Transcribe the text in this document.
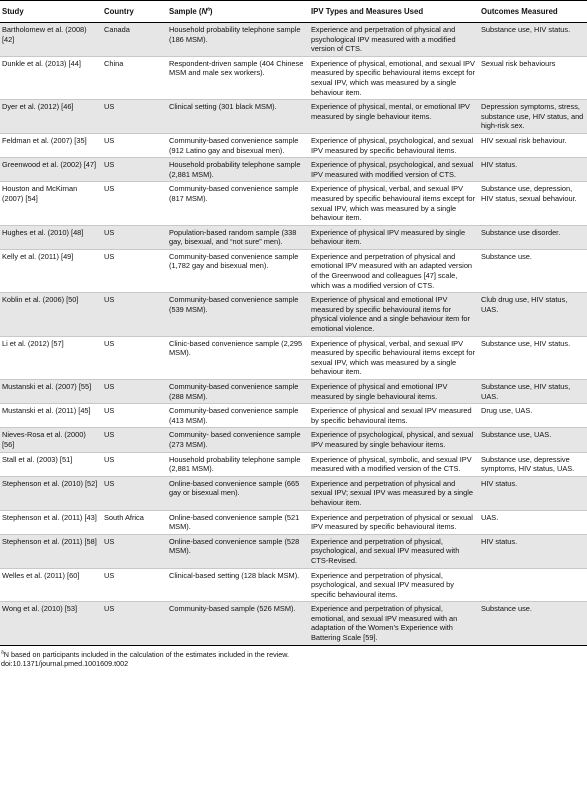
Study	Country	Sample $(N^a)$	IPV Types and Measures Used	Outcomes Measured
Bartholomew et al. (2008) [42]	Canada	Household probability telephone sample (186 MSM).	Experience and perpetration of physical and psychological IPV measured with a modified version of CTS.	Substance use, HIV status.
Dunkle et al. (2013) [44]	China	Respondent-driven sample (404 Chinese MSM and male sex workers).	Experience of physical, emotional, and sexual IPV measured by specific behavioural items except for sexual IPV, which was measured by a single behaviour item.	Sexual risk behaviours
Dyer et al. (2012) [46]	US	Clinical setting (301 black MSM).	Experience of physical, mental, or emotional IPV measured by single behaviour items.	Depression symptoms, stress, substance use, HIV status, and high-risk sex.
Feldman et al. (2007) [35]	US	Community-based convenience sample (912 Latino gay and bisexual men).	Experience of physical, psychological, and sexual IPV measured by specific behavioural items.	HIV sexual risk behaviour.
Greenwood et al. (2002) [47]	US	Household probability telephone sample (2,881 MSM).	Experience of physical, psychological, and sexual IPV measured with modified version of CTS.	HIV status.
Houston and McKirnan (2007) [54]	US	Community-based convenience sample (817 MSM).	Experience of physical, verbal, and sexual IPV measured by specific behavioural items except for sexual IPV, which was measured by a single behaviour item.	Substance use, depression, HIV status, sexual behaviour.
Hughes et al. (2010) [48]	US	Population-based random sample (338 gay, bisexual, and “not sure” men).	Experience of physical IPV measured by single behaviour item.	Substance use disorder.
Kelly et al. (2011) [49]	US	Community-based convenience sample (1,782 gay and bisexual men).	Experience and perpetration of physical and emotional IPV measured with an adapted version of the Greenwood and colleagues [47] scale, which was a modified version of CTS.	Substance use.
Koblin et al. (2006) [50]	US	Community-based convenience sample (539 MSM).	Experience of physical and emotional IPV measured by specific behavioural items for physical violence and a single behaviour item for emotional violence.	Club drug use, HIV status, UAS.
Li et al. (2012) [57]	US	Clinic-based convenience sample (2,295 MSM).	Experience of physical, verbal, and sexual IPV measured by specific behavioural items except for sexual IPV, which was measured by a single behaviour item.	Substance use, HIV status.
Mustanski et al. (2007) [55]	US	Community-based convenience sample (288 MSM).	Experience of physical and emotional IPV measured by single behavioural items.	Substance use, HIV status, UAS.
Mustanski et al. (2011) [45]	US	Community-based convenience sample (413 MSM).	Experience of physical and sexual IPV measured by specific behavioural items.	Drug use, UAS.
Nieves-Rosa et al. (2000) [56]	US	Community- based convenience sample (273 MSM).	Experience of psychological, physical, and sexual IPV measured by single behaviour items.	Substance use, UAS.
Stall et al. (2003) [51]	US	Household probability telephone sample (2,881 MSM).	Experience of physical, symbolic, and sexual IPV measured with a modified version of the CTS.	Substance use, depressive symptoms, HIV status, UAS.
Stephenson et al. (2010) [52]	US	Online-based convenience sample (665 gay or bisexual men).	Experience and perpetration of physical and sexual IPV; sexual IPV was measured by a single behaviour item.	HIV status.
Stephenson et al. (2011) [43]	South Africa	Online-based convenience sample (521 MSM).	Experience and perpetration of physical or sexual IPV measured by specific behavioural items.	UAS.
Stephenson et al. (2011) [58]	US	Online-based convenience sample (528 MSM).	Experience and perpetration of physical, psychological, and sexual IPV measured with CTS-Revised.	HIV status.
Welles et al. (2011) [60]	US	Clinical-based setting (128 black MSM).	Experience and perpetration of physical, psychological, and sexual IPV measured by specific behavioural items.	
Wong et al. (2010) [53]	US	Community-based sample (526 MSM).	Experience and perpetration of physical, emotional, and sexual IPV measured with an adaptation of the Women’s Experience with Battering Scale [59].	Substance use.
$^a$N based on participants included in the calculation of the estimates included in the review.
doi:10.1371/journal.pmed.1001609.t002
